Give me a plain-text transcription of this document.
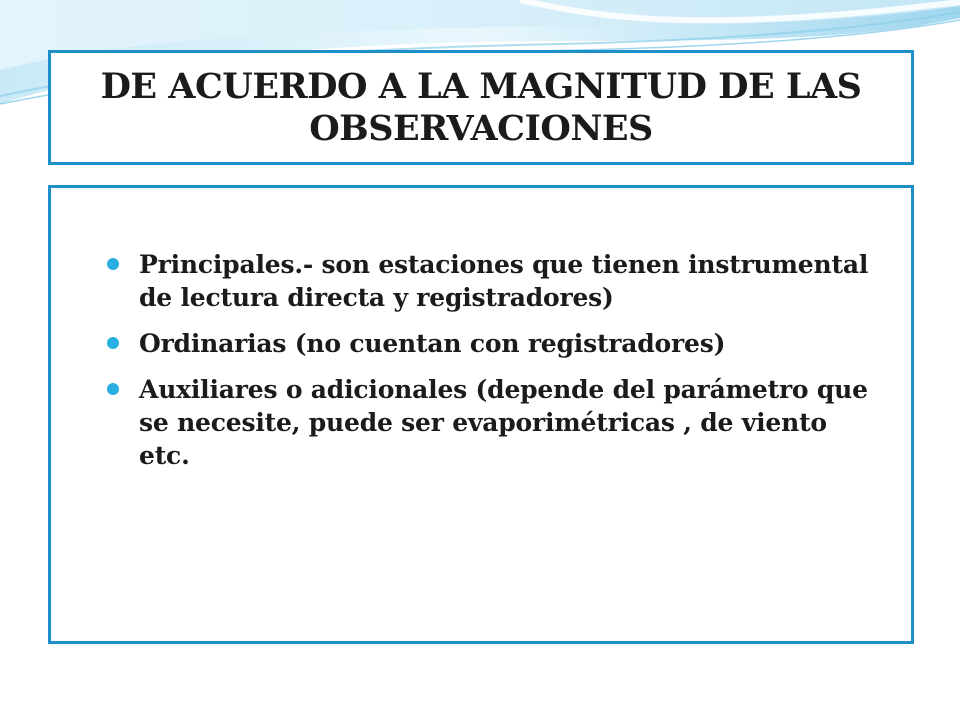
DE ACUERDO A LA MAGNITUD DE LAS OBSERVACIONES
Principales.- son estaciones que tienen instrumental de lectura directa y registradores)
Ordinarias (no cuentan con registradores)
Auxiliares o adicionales (depende del parámetro que se necesite, puede ser evaporimétricas , de viento etc.
